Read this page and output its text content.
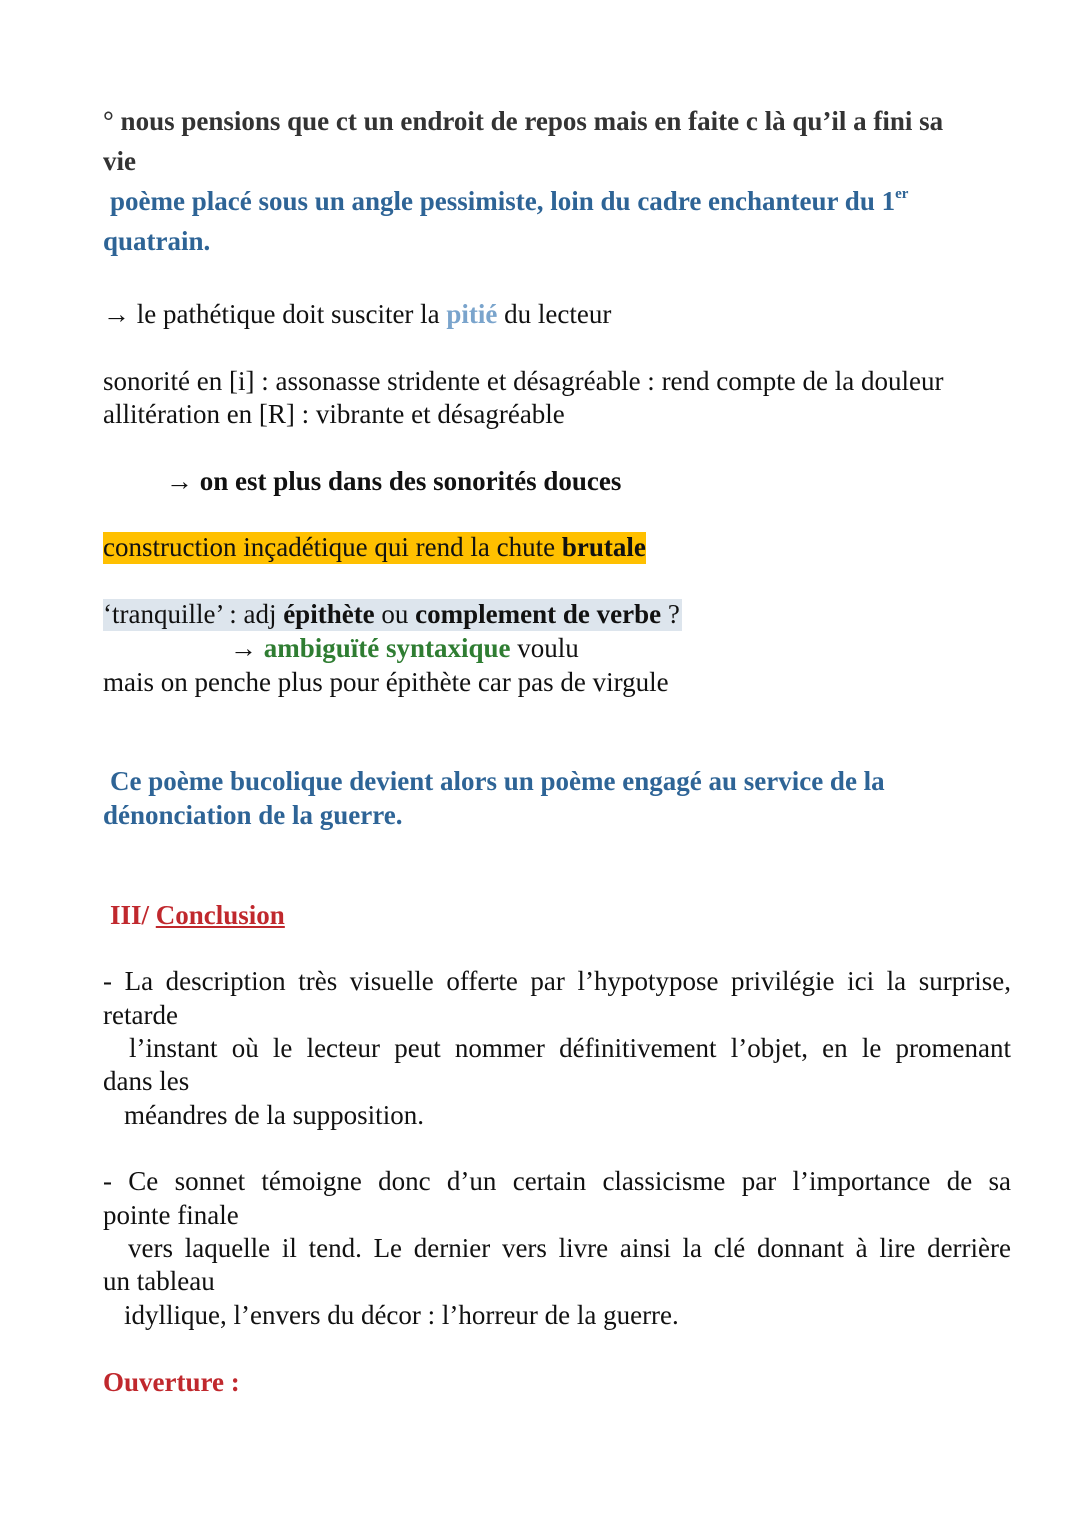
° nous pensions que ct un endroit de repos mais en faite c là qu’il a fini sa
vie
poème placé sous un angle pessimiste, loin du cadre enchanteur du 1er
quatrain.
→ le pathétique doit susciter la pitié du lecteur
sonorité en [i] : assonasse stridente et désagréable : rend compte de la douleur
allitération en [R] : vibrante et désagréable
→ on est plus dans des sonorités douces
construction inçadétique qui rend la chute brutale
‘tranquille’ : adj épithète ou complement de verbe ?
→ ambiguïté syntaxique voulu
mais on penche plus pour épithète car pas de virgule
Ce poème bucolique devient alors un poème engagé au service de la
dénonciation de la guerre.
III/ Conclusion
- La description très visuelle offerte par l’hypotypose privilégie ici la surprise,
retarde
l’instant où le lecteur peut nommer définitivement l’objet, en le promenant
dans les
méandres de la supposition.
- Ce sonnet témoigne donc d’un certain classicisme par l’importance de sa
pointe finale
vers laquelle il tend. Le dernier vers livre ainsi la clé donnant à lire derrière
un tableau
idyllique, l’envers du décor : l’horreur de la guerre.
Ouverture :
